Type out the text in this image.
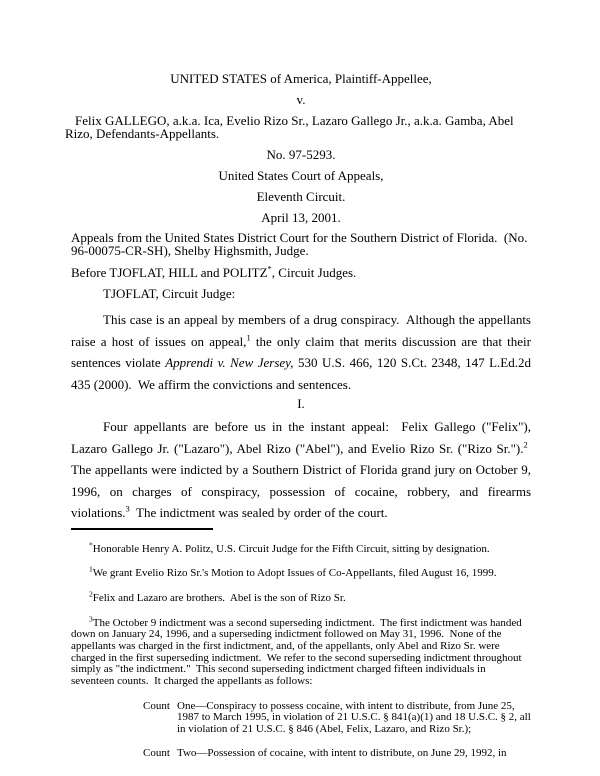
UNITED STATES of America, Plaintiff-Appellee,
v.
Felix GALLEGO, a.k.a. Ica, Evelio Rizo Sr., Lazaro Gallego Jr., a.k.a. Gamba, Abel Rizo, Defendants-Appellants.
No. 97-5293.
United States Court of Appeals,
Eleventh Circuit.
April 13, 2001.
Appeals from the United States District Court for the Southern District of Florida.  (No. 96-00075-CR-SH), Shelby Highsmith, Judge.
Before TJOFLAT, HILL and POLITZ*, Circuit Judges.
TJOFLAT, Circuit Judge:

This case is an appeal by members of a drug conspiracy.  Although the appellants raise a host of issues on appeal,$^1$ the only claim that merits discussion are that their sentences violate Apprendi v. New Jersey, 530 U.S. 466, 120 S.Ct. 2348, 147 L.Ed.2d 435 (2000).  We affirm the convictions and sentences.

I.

Four appellants are before us in the instant appeal:  Felix Gallego ("Felix"), Lazaro Gallego Jr. ("Lazaro"), Abel Rizo ("Abel"), and Evelio Rizo Sr. ("Rizo Sr.").$^2$  The appellants were indicted by a Southern District of Florida grand jury on October 9, 1996, on charges of conspiracy, possession of cocaine, robbery, and firearms violations.$^3$  The indictment was sealed by order of the court.

*Honorable Henry A. Politz, U.S. Circuit Judge for the Fifth Circuit, sitting by designation.
$^1$We grant Evelio Rizo Sr.'s Motion to Adopt Issues of Co-Appellants, filed August 16, 1999.
$^2$Felix and Lazaro are brothers.  Abel is the son of Rizo Sr.
$^3$The October 9 indictment was a second superseding indictment.  The first indictment was handed down on January 24, 1996, and a superseding indictment followed on May 31, 1996.  None of the appellants was charged in the first indictment, and, of the appellants, only Abel and Rizo Sr. were charged in the first superseding indictment.  We refer to the second superseding indictment throughout simply as "the indictment."  This second superseding indictment charged fifteen individuals in seventeen counts.  It charged the appellants as follows:
Count One—Conspiracy to possess cocaine, with intent to distribute, from June 25, 1987 to March 1995, in violation of 21 U.S.C. § 841(a)(1) and 18 U.S.C. § 2, all in violation of 21 U.S.C. § 846 (Abel, Felix, Lazaro, and Rizo Sr.);
Count Two—Possession of cocaine, with intent to distribute, on June 29, 1992, in
